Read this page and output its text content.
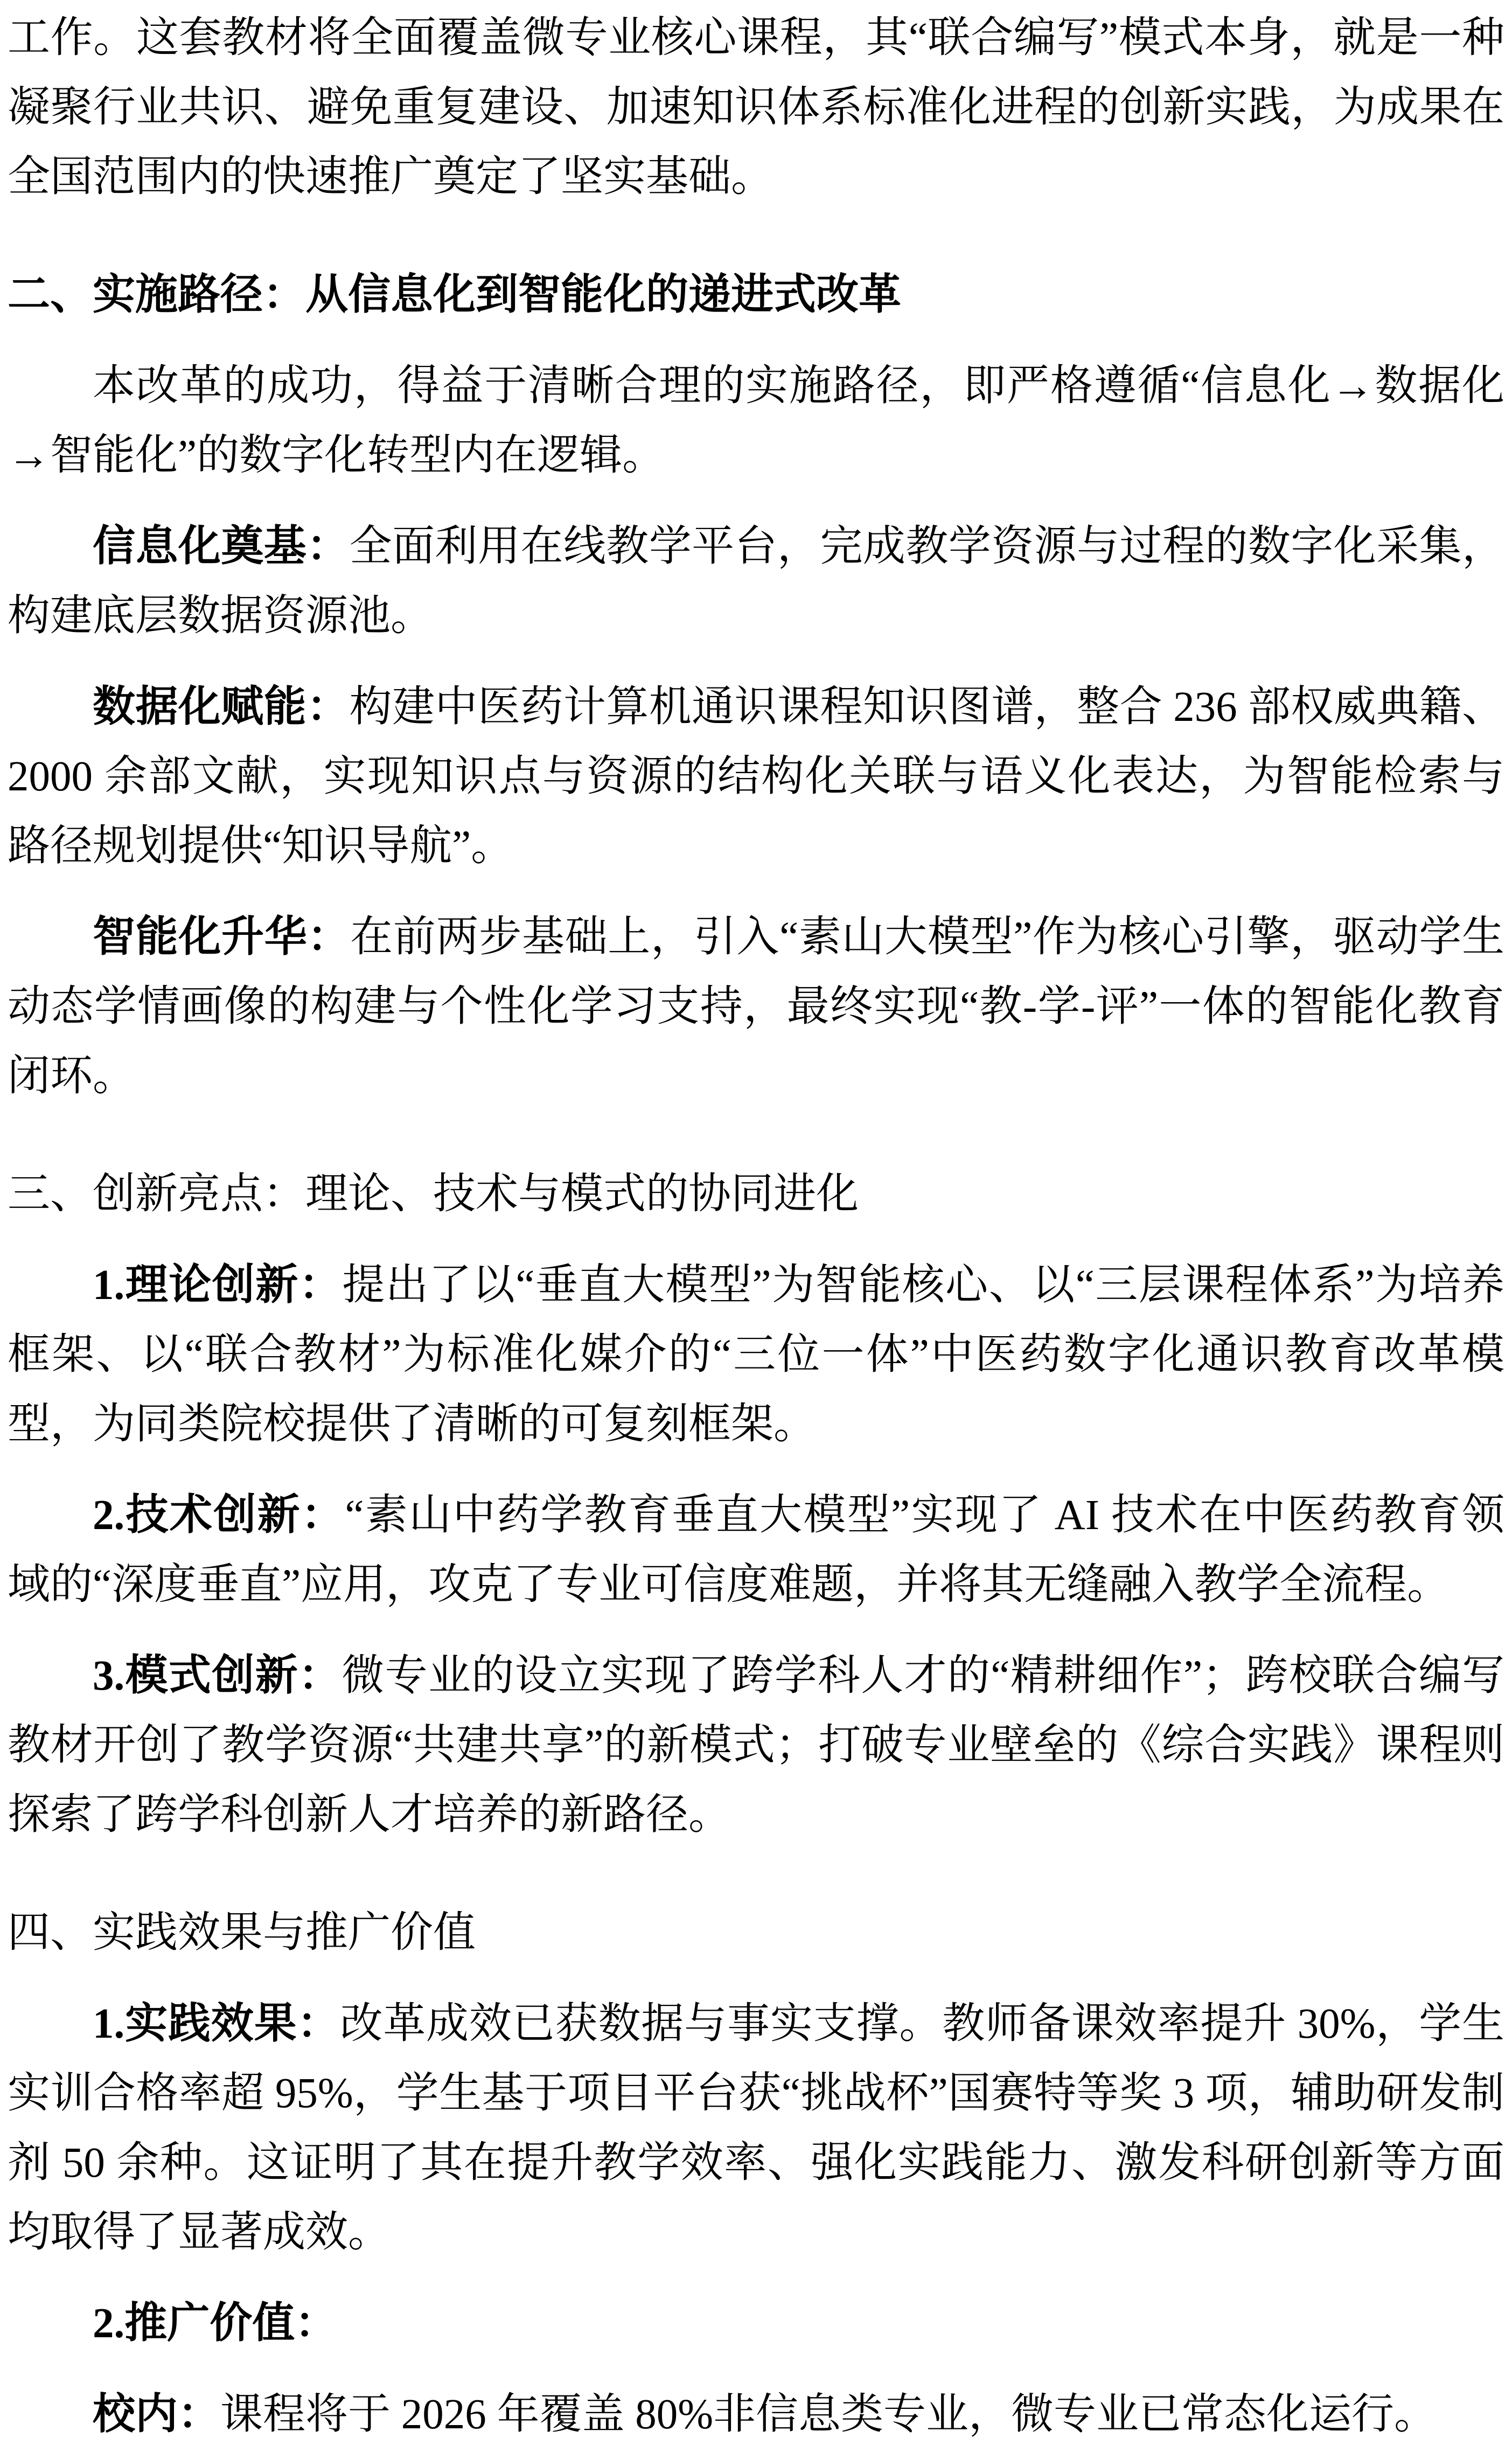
工作。这套教材将全面覆盖微专业核心课程，其“联合编写”模式本身，就是一种凝聚行业共识、避免重复建设、加速知识体系标准化进程的创新实践，为成果在全国范围内的快速推广奠定了坚实基础。

二、实施路径：从信息化到智能化的递进式改革

本改革的成功，得益于清晰合理的实施路径，即严格遵循“信息化→数据化→智能化”的数字化转型内在逻辑。

信息化奠基：全面利用在线教学平台，完成教学资源与过程的数字化采集，构建底层数据资源池。

数据化赋能：构建中医药计算机通识课程知识图谱，整合 236 部权威典籍、2000 余部文献，实现知识点与资源的结构化关联与语义化表达，为智能检索与路径规划提供“知识导航”。

智能化升华：在前两步基础上，引入“素山大模型”作为核心引擎，驱动学生动态学情画像的构建与个性化学习支持，最终实现“教-学-评”一体的智能化教育闭环。

三、创新亮点：理论、技术与模式的协同进化

1.理论创新：提出了以“垂直大模型”为智能核心、以“三层课程体系”为培养框架、以“联合教材”为标准化媒介的“三位一体”中医药数字化通识教育改革模型，为同类院校提供了清晰的可复刻框架。

2.技术创新：“素山中药学教育垂直大模型”实现了 AI 技术在中医药教育领域的“深度垂直”应用，攻克了专业可信度难题，并将其无缝融入教学全流程。

3.模式创新：微专业的设立实现了跨学科人才的“精耕细作”；跨校联合编写教材开创了教学资源“共建共享”的新模式；打破专业壁垒的《综合实践》课程则探索了跨学科创新人才培养的新路径。

四、实践效果与推广价值

1.实践效果：改革成效已获数据与事实支撑。教师备课效率提升 30%，学生实训合格率超 95%，学生基于项目平台获“挑战杯”国赛特等奖 3 项，辅助研发制剂 50 余种。这证明了其在提升教学效率、强化实践能力、激发科研创新等方面均取得了显著成效。

2.推广价值：

校内：课程将于 2026 年覆盖 80%非信息类专业，微专业已常态化运行。
